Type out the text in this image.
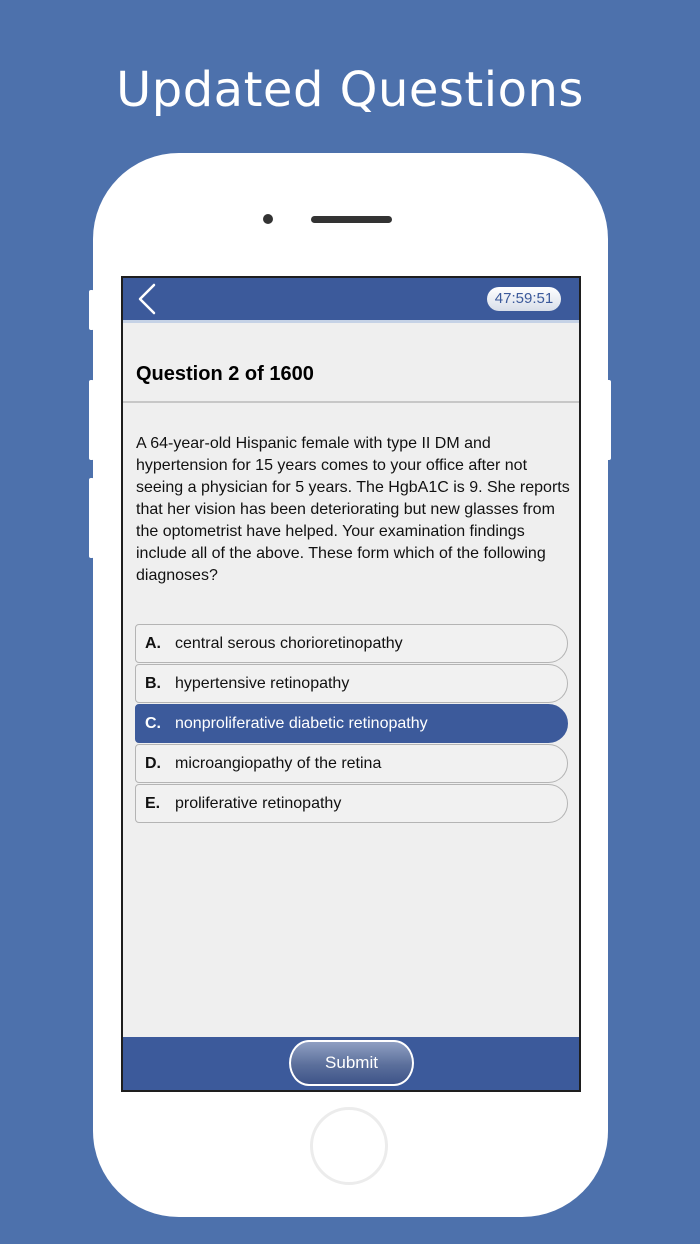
Updated Questions
47:59:51
Question 2 of 1600
A 64-year-old Hispanic female with type II DM and hypertension for 15 years comes to your office after not seeing a physician for 5 years. The HgbA1C is 9. She reports that her vision has been deteriorating but new glasses from the optometrist have helped. Your examination findings include all of the above. These form which of the following diagnoses?
A. central serous chorioretinopathy
B. hypertensive retinopathy
C. nonproliferative diabetic retinopathy
D. microangiopathy of the retina
E. proliferative retinopathy
Submit
